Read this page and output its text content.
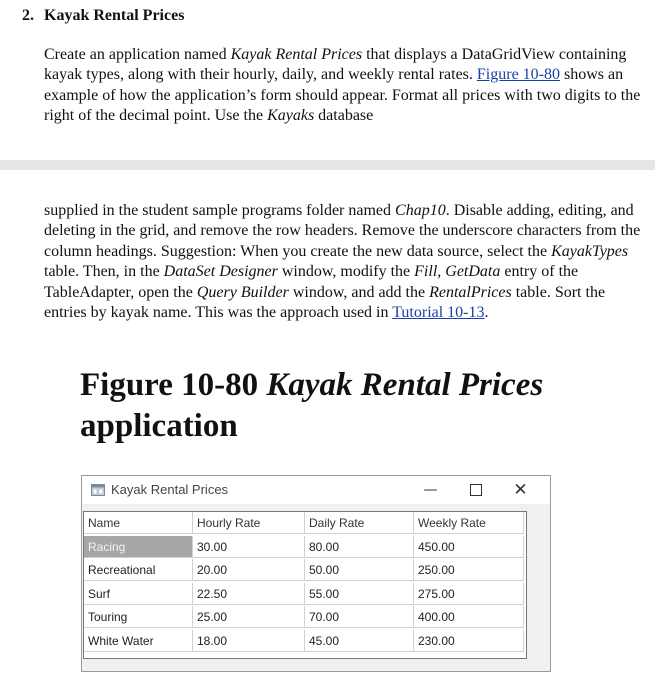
2. Kayak Rental Prices
Create an application named Kayak Rental Prices that displays a DataGridView containing kayak types, along with their hourly, daily, and weekly rental rates. Figure 10-80 shows an example of how the application’s form should appear. Format all prices with two digits to the right of the decimal point. Use the Kayaks database
supplied in the student sample programs folder named Chap10. Disable adding, editing, and deleting in the grid, and remove the row headers. Remove the underscore characters from the column headings. Suggestion: When you create the new data source, select the KayakTypes table. Then, in the DataSet Designer window, modify the Fill, GetData entry of the TableAdapter, open the Query Builder window, and add the RentalPrices table. Sort the entries by kayak name. This was the approach used in Tutorial 10-13.
Figure 10-80 Kayak Rental Prices application
Kayak Rental Prices	—	✕
Name	Hourly Rate	Daily Rate	Weekly Rate
Racing	30.00	80.00	450.00
Recreational	20.00	50.00	250.00
Surf	22.50	55.00	275.00
Touring	25.00	70.00	400.00
White Water	18.00	45.00	230.00
